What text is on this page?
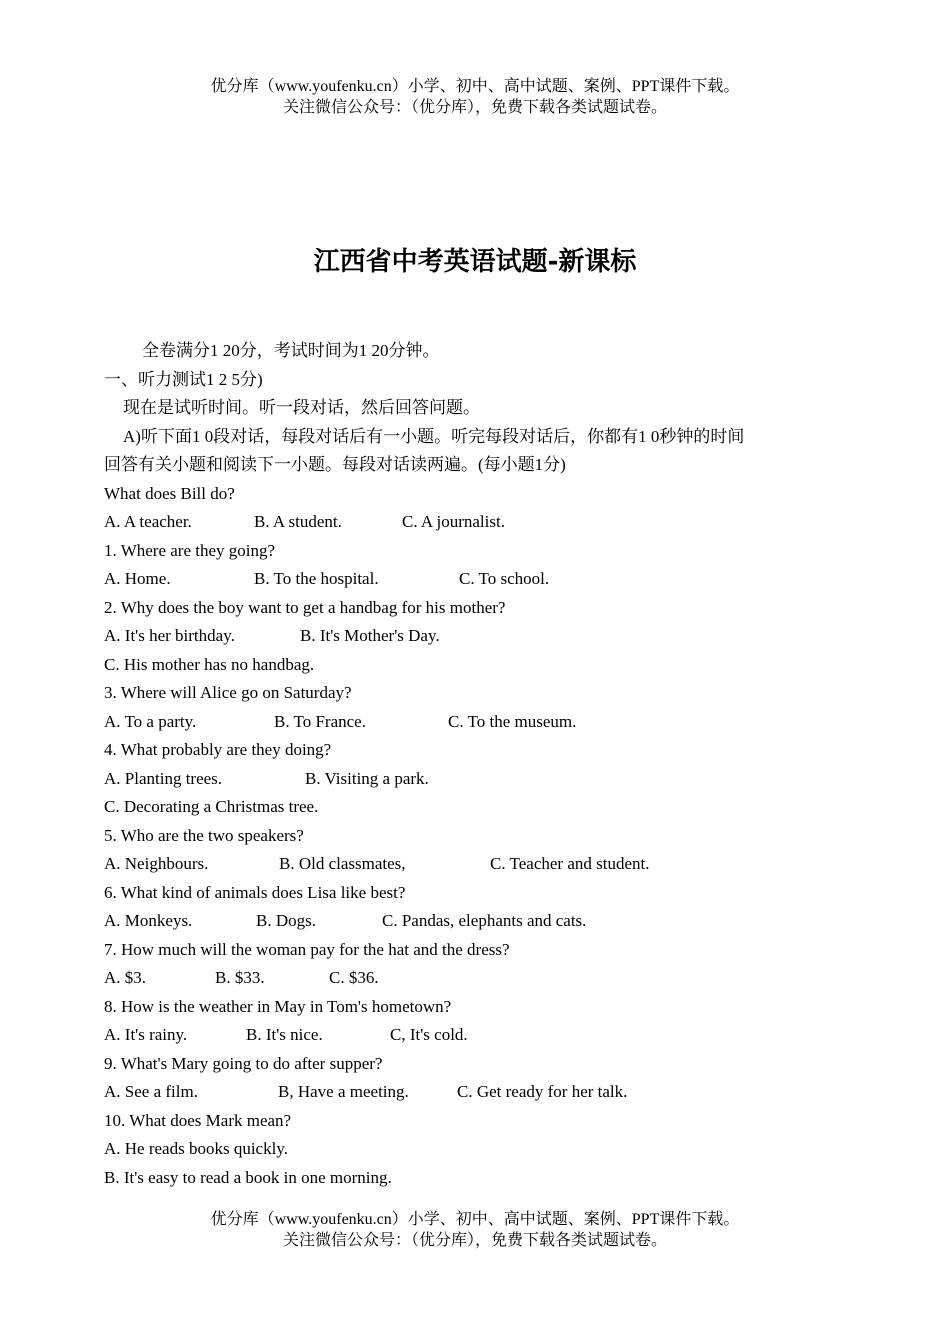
优分库（www.youfenku.cn）小学、初中、高中试题、案例、PPT课件下载。
关注微信公众号：（优分库），免费下载各类试题试卷。
江西省中考英语试题-新课标
全卷满分1 20分，考试时间为1 20分钟。
一、听力测试1 2 5分)
现在是试听时间。听一段对话，然后回答问题。
A)听下面1 0段对话，每段对话后有一小题。听完每段对话后，你都有1 0秒钟的时间
回答有关小题和阅读下一小题。每段对话读两遍。(每小题1分)
What does Bill do?
A. A teacher.	B. A student.	C. A journalist.
1. Where are they going?
A. Home.	B. To the hospital.	C. To school.
2. Why does the boy want to get a handbag for his mother?
A. It's her birthday.	B. It's Mother's Day.
C. His mother has no handbag.
3. Where will Alice go on Saturday?
A. To a party.	B. To France.	C. To the museum.
4. What probably are they doing?
A. Planting trees.	B. Visiting a park.
C. Decorating a Christmas tree.
5. Who are the two speakers?
A. Neighbours.	B. Old classmates,	C. Teacher and student.
6. What kind of animals does Lisa like best?
A. Monkeys.	B. Dogs.	C. Pandas, elephants and cats.
7. How much will the woman pay for the hat and the dress?
A. $3.	B. $33.	C. $36.
8. How is the weather in May in Tom's hometown?
A. It's rainy.	B. It's nice.	C, It's cold.
9. What's Mary going to do after supper?
A. See a film.	B, Have a meeting.	C. Get ready for her talk.
10. What does Mark mean?
A. He reads books quickly.
B. It's easy to read a book in one morning.
优分库（www.youfenku.cn）小学、初中、高中试题、案例、PPT课件下载。
关注微信公众号：（优分库），免费下载各类试题试卷。
